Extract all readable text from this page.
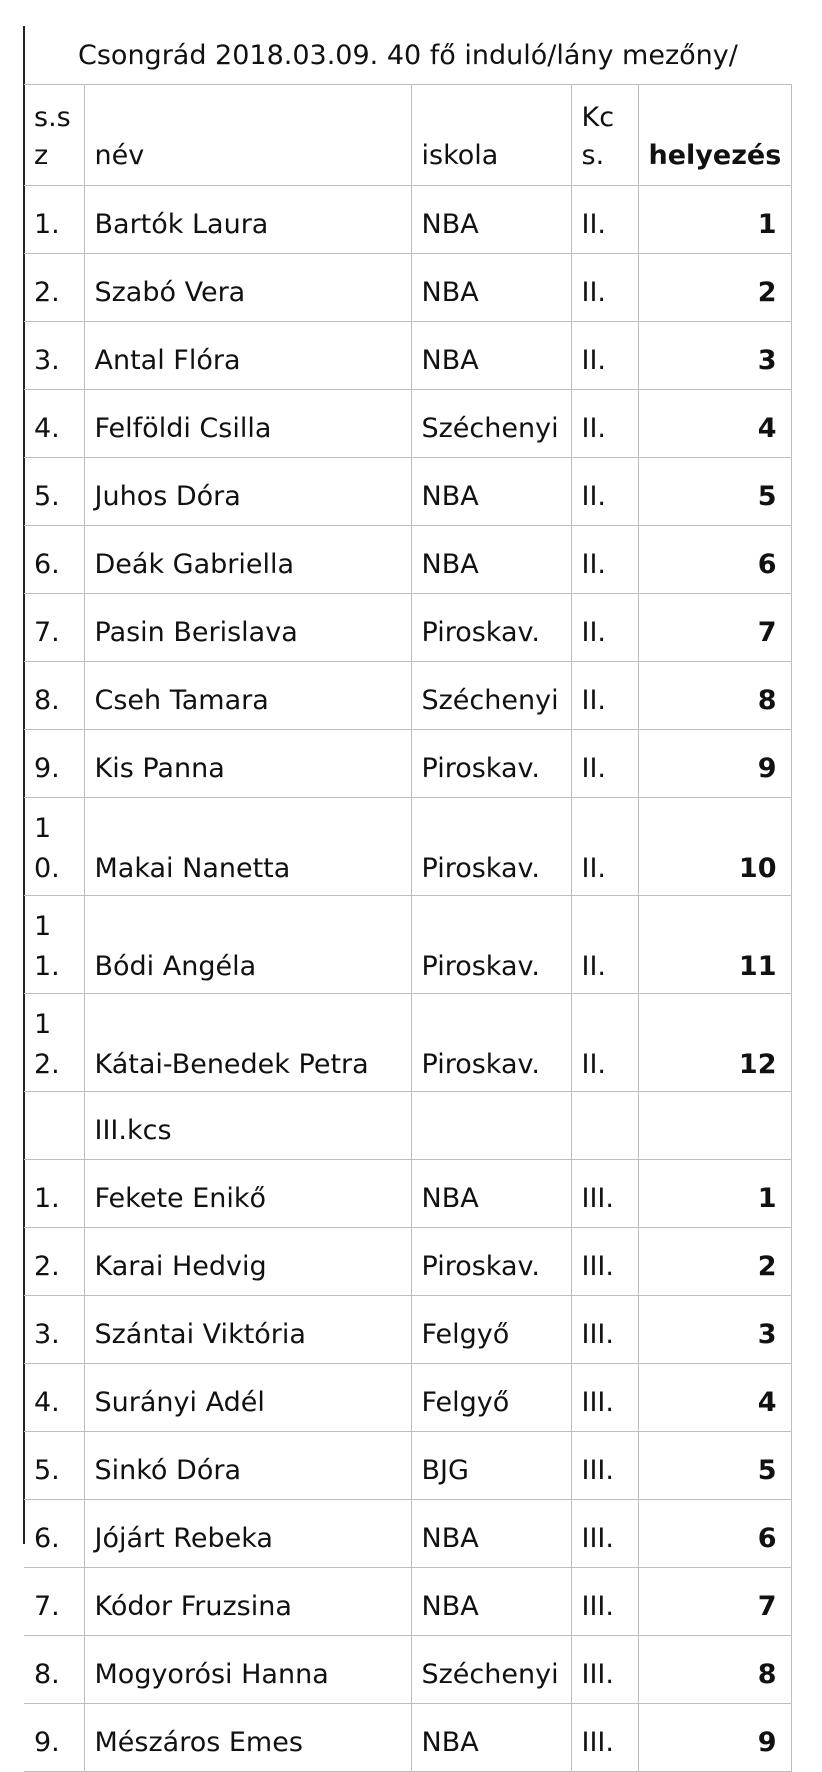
Csongrád 2018.03.09. 40 fő induló/lány mezőny/
s.sz	név	iskola	Kcs.	helyezés
1.	Bartók Laura	NBA	II.	1
2.	Szabó Vera	NBA	II.	2
3.	Antal Flóra	NBA	II.	3
4.	Felföldi Csilla	Széchenyi	II.	4
5.	Juhos Dóra	NBA	II.	5
6.	Deák Gabriella	NBA	II.	6
7.	Pasin Berislava	Piroskav.	II.	7
8.	Cseh Tamara	Széchenyi	II.	8
9.	Kis Panna	Piroskav.	II.	9
10.	Makai Nanetta	Piroskav.	II.	10
11.	Bódi Angéla	Piroskav.	II.	11
12.	Kátai-Benedek Petra	Piroskav.	II.	12
	III.kcs			
1.	Fekete Enikő	NBA	III.	1
2.	Karai Hedvig	Piroskav.	III.	2
3.	Szántai Viktória	Felgyő	III.	3
4.	Surányi Adél	Felgyő	III.	4
5.	Sinkó Dóra	BJG	III.	5
6.	Jójárt Rebeka	NBA	III.	6
7.	Kódor Fruzsina	NBA	III.	7
8.	Mogyorósi Hanna	Széchenyi	III.	8
9.	Mészáros Emes	NBA	III.	9
